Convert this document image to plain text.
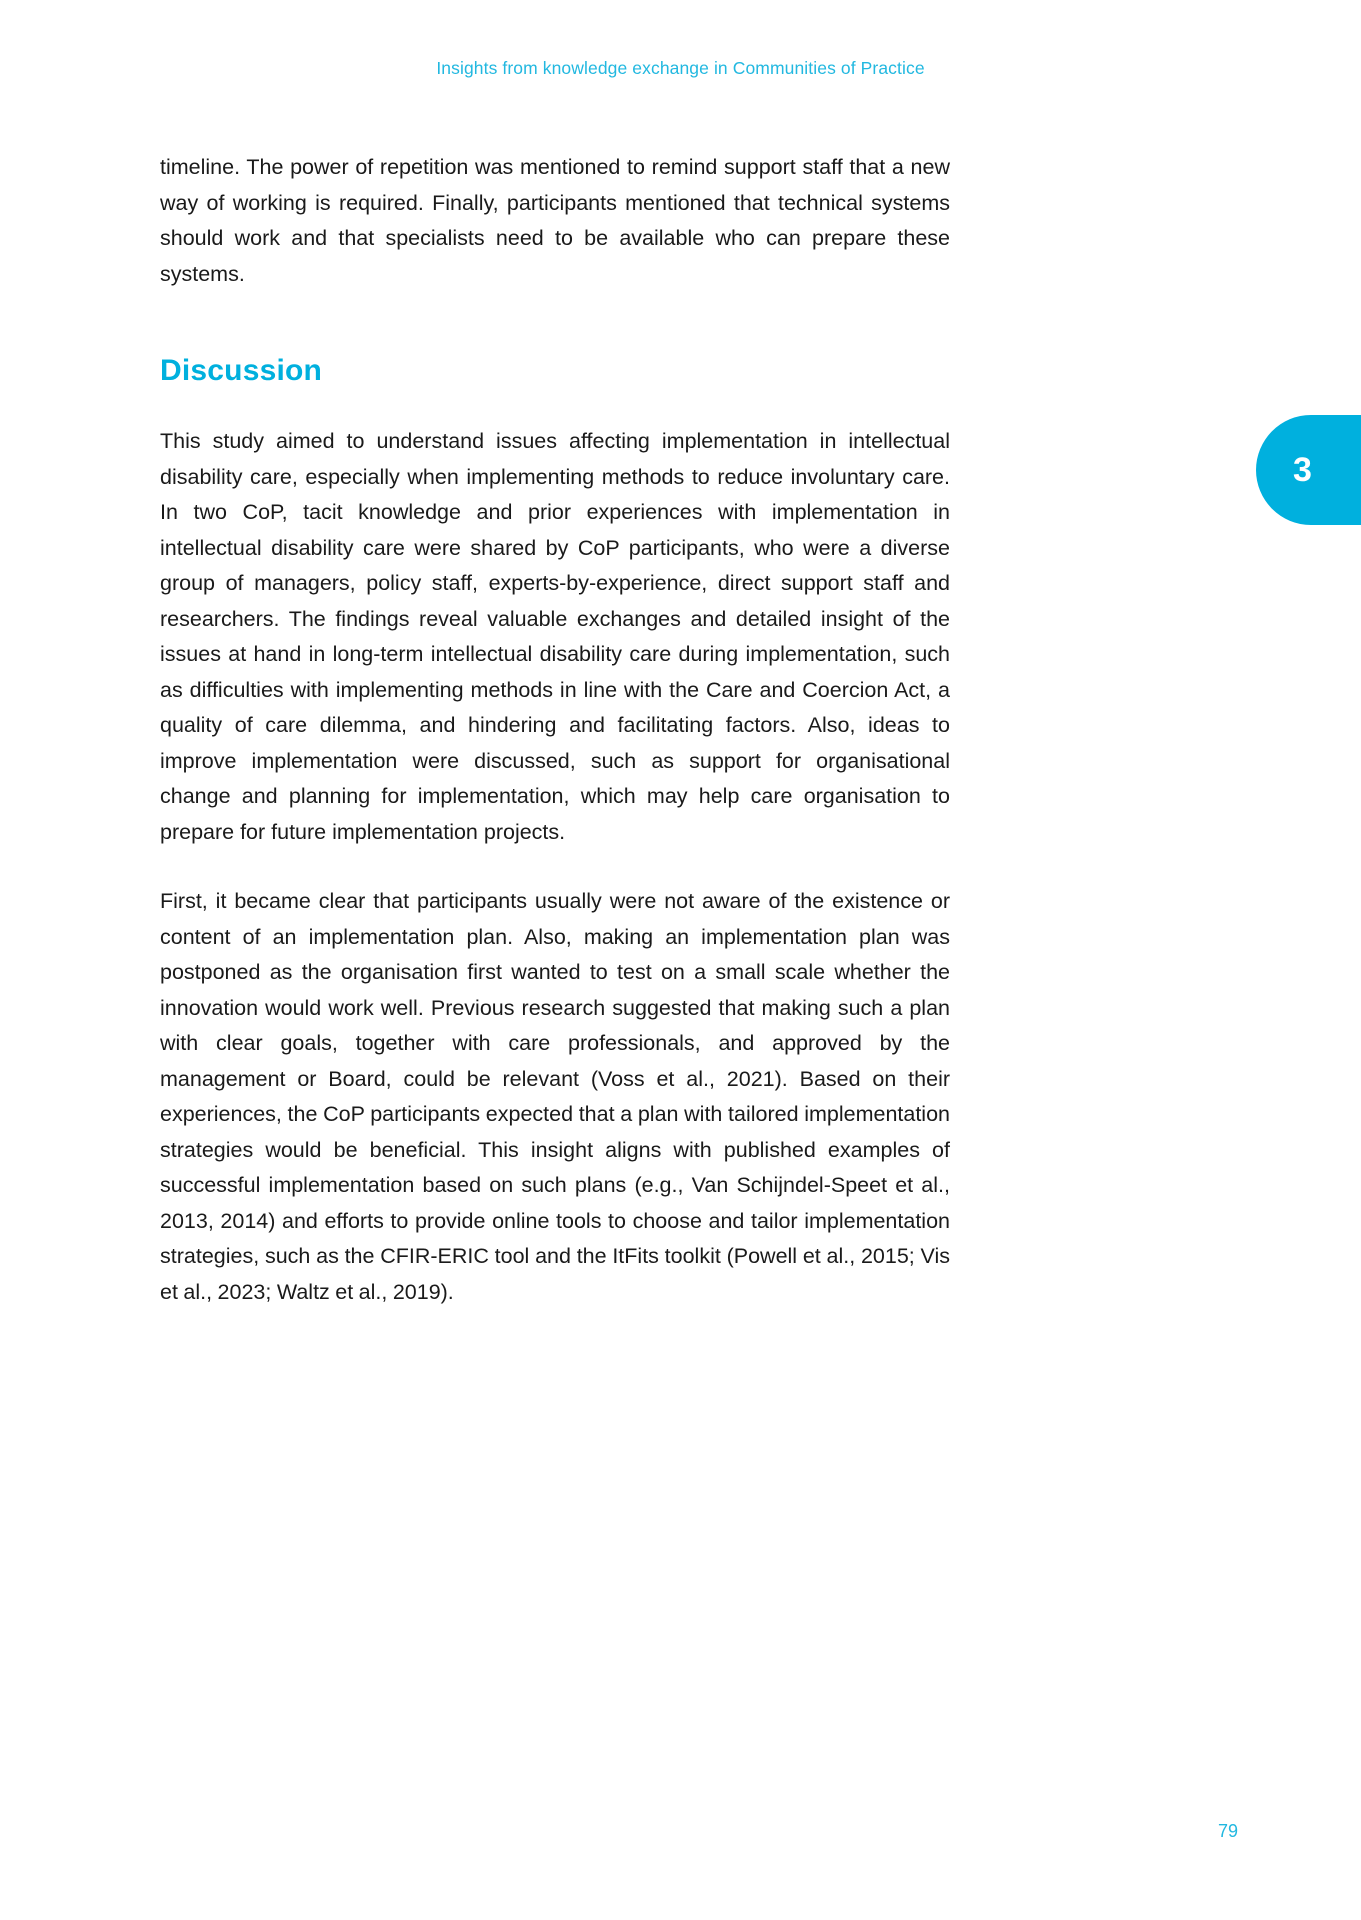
Insights from knowledge exchange in Communities of Practice
3

timeline. The power of repetition was mentioned to remind support staff that a new way of working is required. Finally, participants mentioned that technical systems should work and that specialists need to be available who can prepare these systems.

Discussion

This study aimed to understand issues affecting implementation in intellectual disability care, especially when implementing methods to reduce involuntary care. In two CoP, tacit knowledge and prior experiences with implementation in intellectual disability care were shared by CoP participants, who were a diverse group of managers, policy staff, experts-by-experience, direct support staff and researchers. The findings reveal valuable exchanges and detailed insight of the issues at hand in long-term intellectual disability care during implementation, such as difficulties with implementing methods in line with the Care and Coercion Act, a quality of care dilemma, and hindering and facilitating factors. Also, ideas to improve implementation were discussed, such as support for organisational change and planning for implementation, which may help care organisation to prepare for future implementation projects.

First, it became clear that participants usually were not aware of the existence or content of an implementation plan. Also, making an implementation plan was postponed as the organisation first wanted to test on a small scale whether the innovation would work well. Previous research suggested that making such a plan with clear goals, together with care professionals, and approved by the management or Board, could be relevant (Voss et al., 2021). Based on their experiences, the CoP participants expected that a plan with tailored implementation strategies would be beneficial. This insight aligns with published examples of successful implementation based on such plans (e.g., Van Schijndel-Speet et al., 2013, 2014) and efforts to provide online tools to choose and tailor implementation strategies, such as the CFIR-ERIC tool and the ItFits toolkit (Powell et al., 2015; Vis et al., 2023; Waltz et al., 2019).

79
